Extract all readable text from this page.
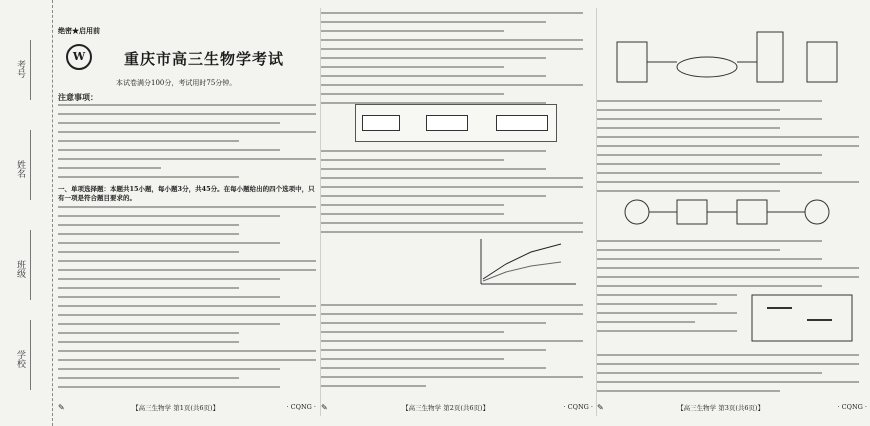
考号
姓名
班级
学校
绝密★启用前
W	重庆市高三生物学考试
本试卷满分100分，考试用时75分钟。
注意事项：
一、单项选择题：本题共15小题，每小题3分，共45分。在每小题给出的四个选项中，只有一项是符合题目要求的。
✎	【高三生物学 第1页(共6页)】	· CQNG · ✎	【高三生物学 第2页(共6页)】	· CQNG · ✎	【高三生物学 第3页(共6页)】	· CQNG ·
